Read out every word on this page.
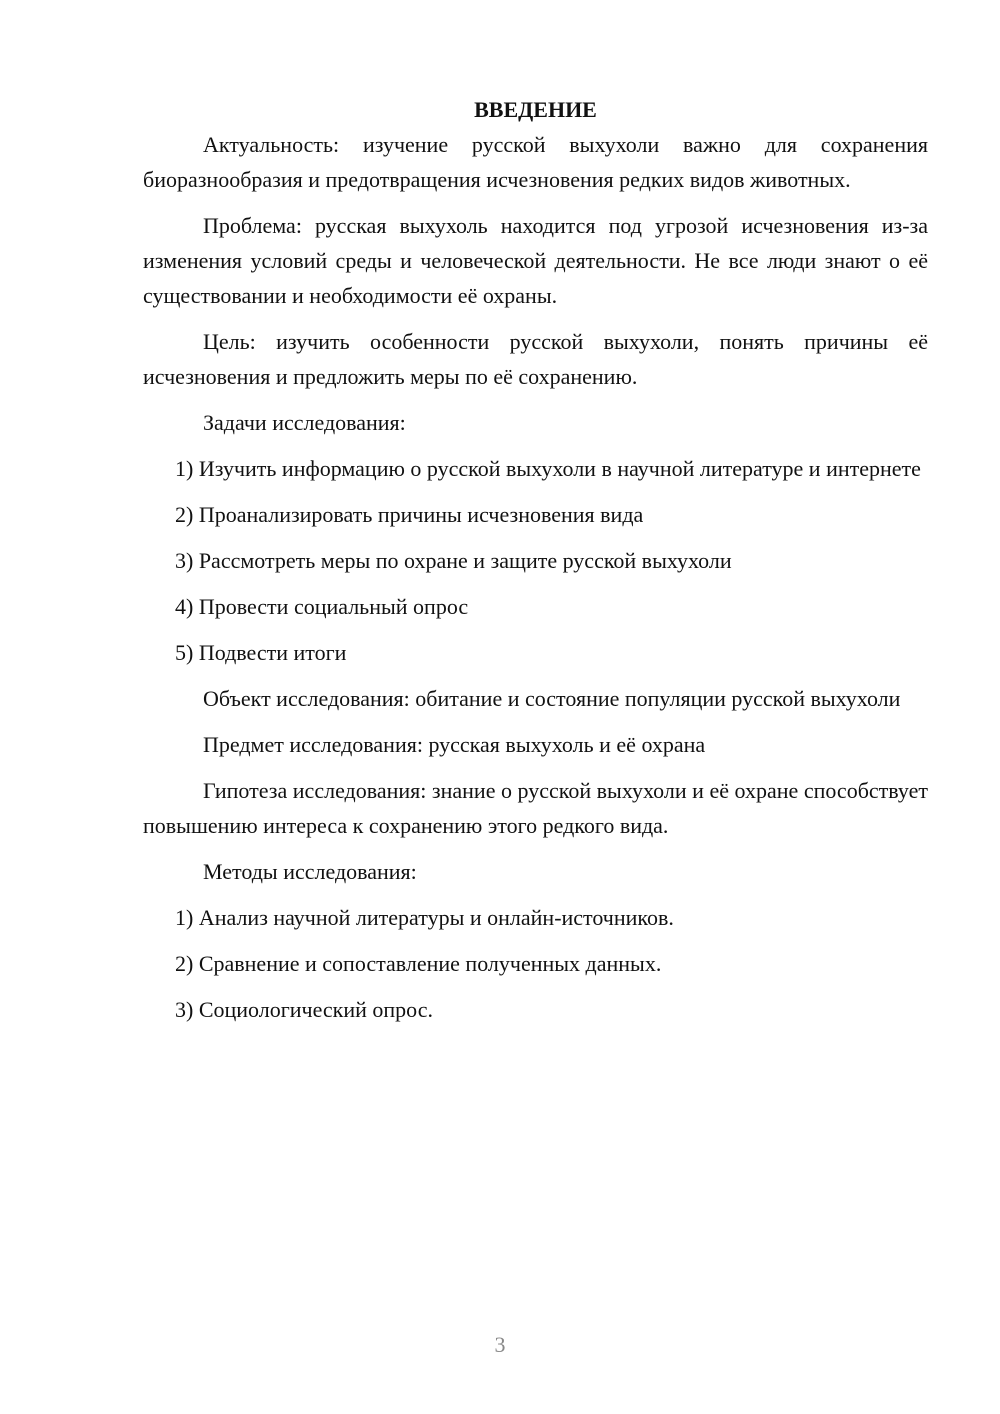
ВВЕДЕНИЕ

Актуальность: изучение русской выхухоли важно для сохранения биоразнообразия и предотвращения исчезновения редких видов животных.

Проблема: русская выхухоль находится под угрозой исчезновения из-за изменения условий среды и человеческой деятельности. Не все люди знают о её существовании и необходимости её охраны.

Цель: изучить особенности русской выхухоли, понять причины её исчезновения и предложить меры по её сохранению.

Задачи исследования:

1) Изучить информацию о русской выхухоли в научной литературе и интернете

2) Проанализировать причины исчезновения вида

3) Рассмотреть меры по охране и защите русской выхухоли

4) Провести социальный опрос

5) Подвести итоги

Объект исследования: обитание и состояние популяции русской выхухоли

Предмет исследования: русская выхухоль и её охрана

Гипотеза исследования: знание о русской выхухоли и её охране способствует повышению интереса к сохранению этого редкого вида.

Методы исследования:

1) Анализ научной литературы и онлайн-источников.

2) Сравнение и сопоставление полученных данных.

3) Социологический опрос.

3
